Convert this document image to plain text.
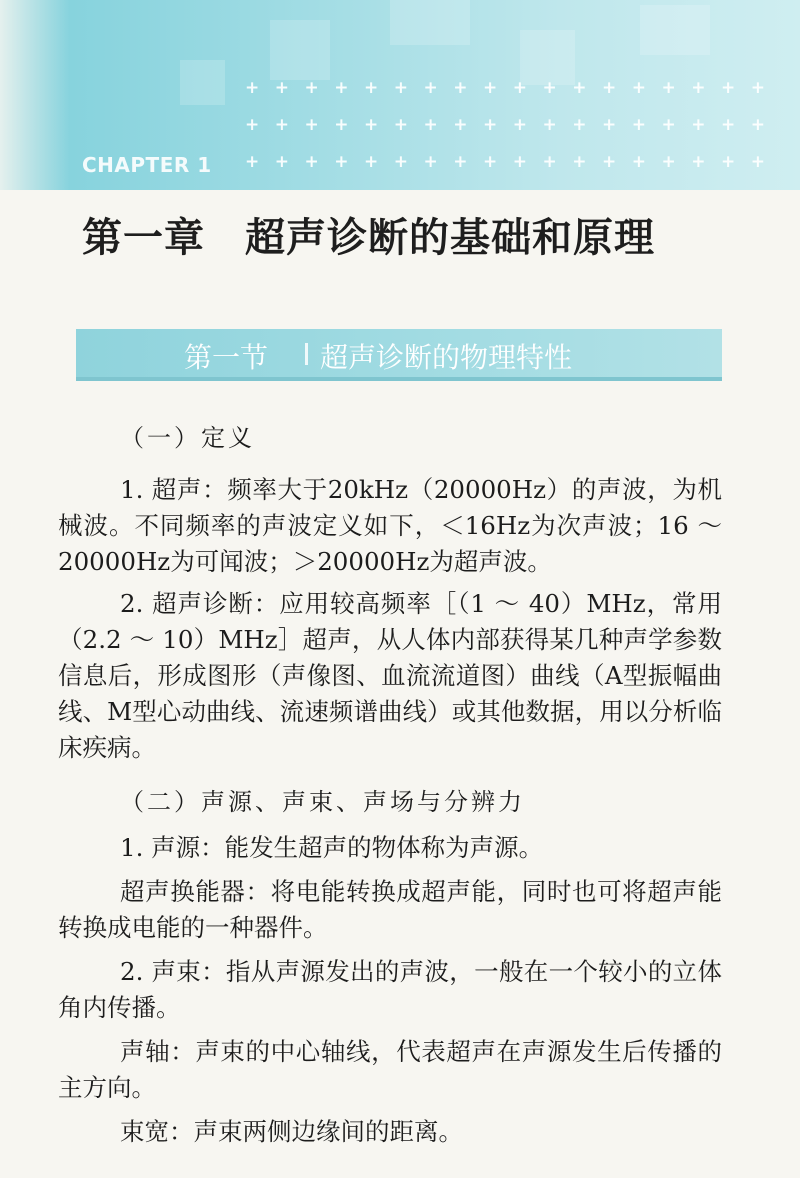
+ + + + + + + + + + + + + + + + + +
+ + + + + + + + + + + + + + + + + +
+ + + + + + + + + + + + + + + + + +
CHAPTER 1
第一章 超声诊断的基础和原理
第一节 超声诊断的物理特性

（一）定义

1. 超声：频率大于20kHz（20000Hz）的声波，为机械波。不同频率的声波定义如下，＜16Hz为次声波；16 ～ 20000Hz为可闻波；＞20000Hz为超声波。

2. 超声诊断：应用较高频率［（1 ～ 40）MHz，常用（2.2 ～ 10）MHz］超声，从人体内部获得某几种声学参数信息后，形成图形（声像图、血流流道图）曲线（A型振幅曲线、M型心动曲线、流速频谱曲线）或其他数据，用以分析临床疾病。

（二）声源、声束、声场与分辨力

1. 声源：能发生超声的物体称为声源。

超声换能器：将电能转换成超声能，同时也可将超声能转换成电能的一种器件。

2. 声束：指从声源发出的声波，一般在一个较小的立体角内传播。

声轴：声束的中心轴线，代表超声在声源发生后传播的主方向。

束宽：声束两侧边缘间的距离。
